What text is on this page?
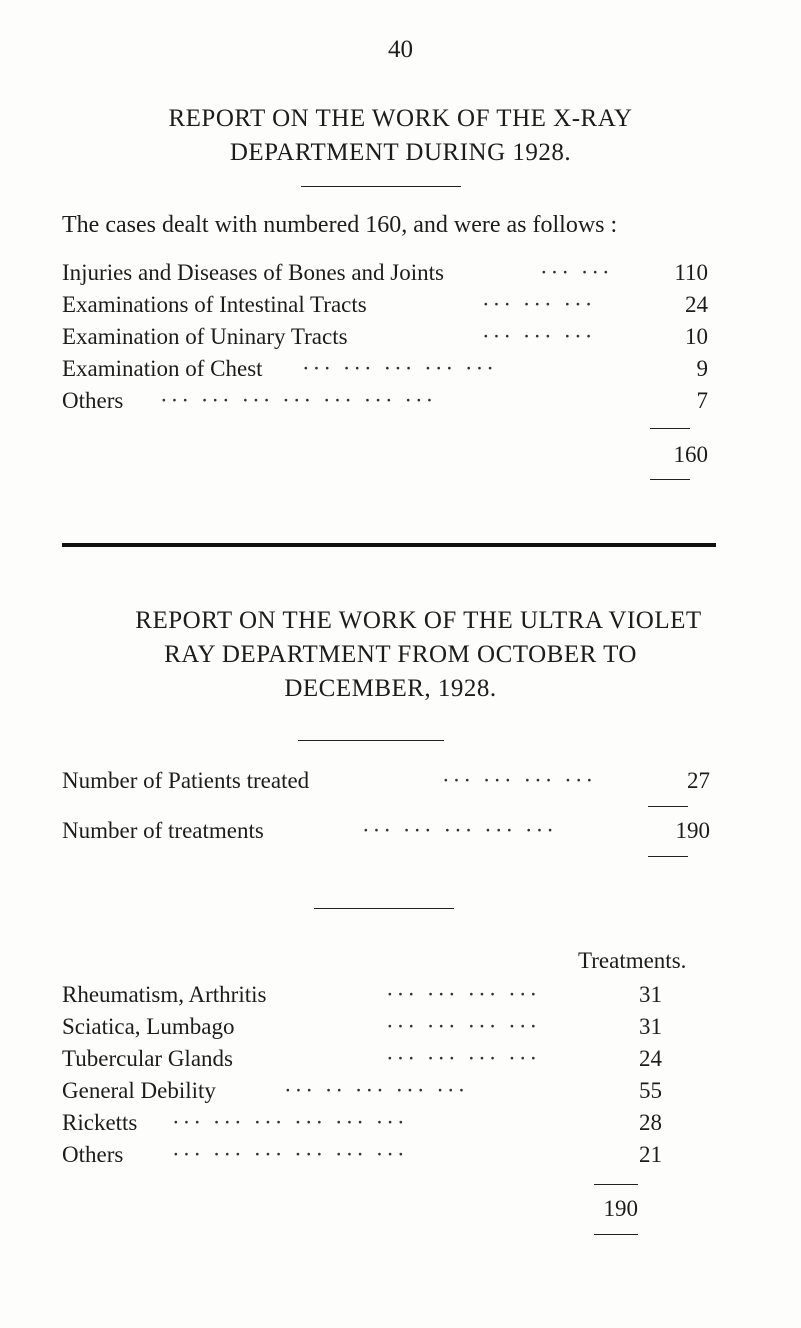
40
REPORT ON THE WORK OF THE X-RAY
DEPARTMENT DURING 1928.
The cases dealt with numbered 160, and were as follows :
Injuries and Diseases of Bones and Joints	··· ···	110
Examinations of Intestinal Tracts	··· ··· ···	24
Examination of Uninary Tracts	··· ··· ···	10
Examination of Chest ··· ··· ··· ··· ···	9
Others ··· ··· ··· ··· ··· ··· ···	7
160
REPORT ON THE WORK OF THE ULTRA VIOLET
RAY DEPARTMENT FROM OCTOBER TO
DECEMBER, 1928.
Number of Patients treated	··· ··· ··· ···	27
Number of treatments	··· ··· ··· ··· ···	190
Treatments.
Rheumatism, Arthritis	··· ··· ··· ···	31
Sciatica, Lumbago	··· ··· ··· ···	31
Tubercular Glands	··· ··· ··· ···	24
General Debility	··· ·· ··· ··· ···	55
Ricketts ··· ··· ··· ··· ··· ···	28
Others ··· ··· ··· ··· ··· ···	21
190
